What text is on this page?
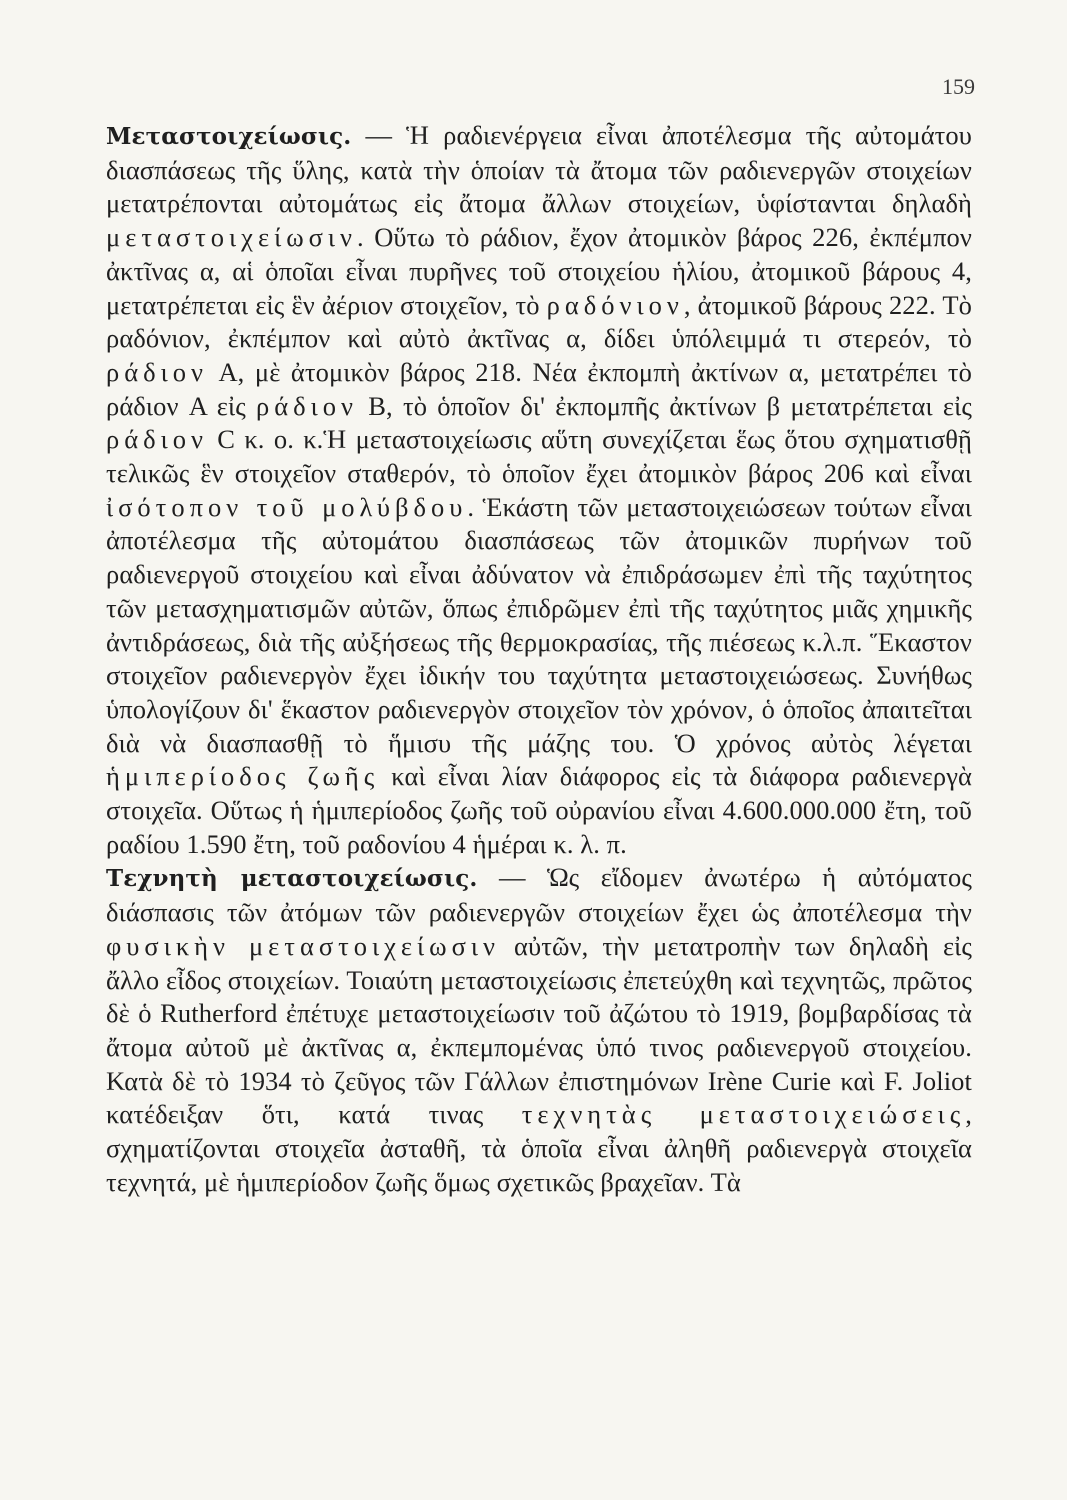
159

Μεταστοιχείωσις. — Ἡ ραδιενέργεια εἶναι ἀποτέλεσμα τῆς αὐτομάτου διασπάσεως τῆς ὕλης, κατὰ τὴν ὁποίαν τὰ ἄτομα τῶν ραδιενεργῶν στοιχείων μετατρέπονται αὐτομάτως εἰς ἄτομα ἄλλων στοιχείων, ὑφίστανται δηλαδὴ μεταστοιχείωσιν. Οὕτω τὸ ράδιον, ἔχον ἀτομικὸν βάρος 226, ἐκπέμπον ἀκτῖνας α, αἱ ὁποῖαι εἶναι πυρῆνες τοῦ στοιχείου ἡλίου, ἀτομικοῦ βάρους 4, μετατρέπεται εἰς ἓν ἀέριον στοιχεῖον, τὸ ραδόνιον, ἀτομικοῦ βάρους 222. Τὸ ραδόνιον, ἐκπέμπον καὶ αὐτὸ ἀκτῖνας α, δίδει ὑπόλειμμά τι στερεόν, τὸ ράδιον A, μὲ ἀτομικὸν βάρος 218. Νέα ἐκπομπὴ ἀκτίνων α, μετατρέπει τὸ ράδιον A εἰς ράδιον B, τὸ ὁποῖον δι' ἐκπομπῆς ἀκτίνων β μετατρέπεται εἰς ράδιον C κ. ο. κ.Ἡ μεταστοιχείωσις αὕτη συνεχίζεται ἕως ὅτου σχηματισθῇ τελικῶς ἓν στοιχεῖον σταθερόν, τὸ ὁποῖον ἔχει ἀτομικὸν βάρος 206 καὶ εἶναι ἰσότοπον τοῦ μολύβδου. Ἑκάστη τῶν μεταστοιχειώσεων τούτων εἶναι ἀποτέλεσμα τῆς αὐτομάτου διασπάσεως τῶν ἀτομικῶν πυρήνων τοῦ ραδιενεργοῦ στοιχείου καὶ εἶναι ἀδύνατον νὰ ἐπιδράσωμεν ἐπὶ τῆς ταχύτητος τῶν μετασχηματισμῶν αὐτῶν, ὅπως ἐπιδρῶμεν ἐπὶ τῆς ταχύτητος μιᾶς χημικῆς ἀντιδράσεως, διὰ τῆς αὐξήσεως τῆς θερμοκρασίας, τῆς πιέσεως κ.λ.π. Ἕκαστον στοιχεῖον ραδιενεργὸν ἔχει ἰδικήν του ταχύτητα μεταστοιχειώσεως. Συνήθως ὑπολογίζουν δι' ἕκαστον ραδιενεργὸν στοιχεῖον τὸν χρόνον, ὁ ὁποῖος ἀπαιτεῖται διὰ νὰ διασπασθῇ τὸ ἥμισυ τῆς μάζης του. Ὁ χρόνος αὐτὸς λέγεται ἡμιπερίοδος ζωῆς καὶ εἶναι λίαν διάφορος εἰς τὰ διάφορα ραδιενεργὰ στοιχεῖα. Οὕτως ἡ ἡμιπερίοδος ζωῆς τοῦ οὐρανίου εἶναι 4.600.000.000 ἔτη, τοῦ ραδίου 1.590 ἔτη, τοῦ ραδονίου 4 ἡμέραι κ. λ. π.

Τεχνητὴ μεταστοιχείωσις. — Ὡς εἴδομεν ἀνωτέρω ἡ αὐτόματος διάσπασις τῶν ἀτόμων τῶν ραδιενεργῶν στοιχείων ἔχει ὡς ἀποτέλεσμα τὴν φυσικὴν μεταστοιχείωσιν αὐτῶν, τὴν μετατροπὴν των δηλαδὴ εἰς ἄλλο εἶδος στοιχείων. Τοιαύτη μεταστοιχείωσις ἐπετεύχθη καὶ τεχνητῶς, πρῶτος δὲ ὁ Rutherford ἐπέτυχε μεταστοιχείωσιν τοῦ ἀζώτου τὸ 1919, βομβαρδίσας τὰ ἄτομα αὐτοῦ μὲ ἀκτῖνας α, ἐκπεμπομένας ὑπό τινος ραδιενεργοῦ στοιχείου. Κατὰ δὲ τὸ 1934 τὸ ζεῦγος τῶν Γάλλων ἐπιστημόνων Irène Curie καὶ F. Joliot κατέδειξαν ὅτι, κατά τινας τεχνητὰς μεταστοιχειώσεις, σχηματίζονται στοιχεῖα ἀσταθῆ, τὰ ὁποῖα εἶναι ἀληθῆ ραδιενεργὰ στοιχεῖα τεχνητά, μὲ ἡμιπερίοδον ζωῆς ὅμως σχετικῶς βραχεῖαν. Τὰ
